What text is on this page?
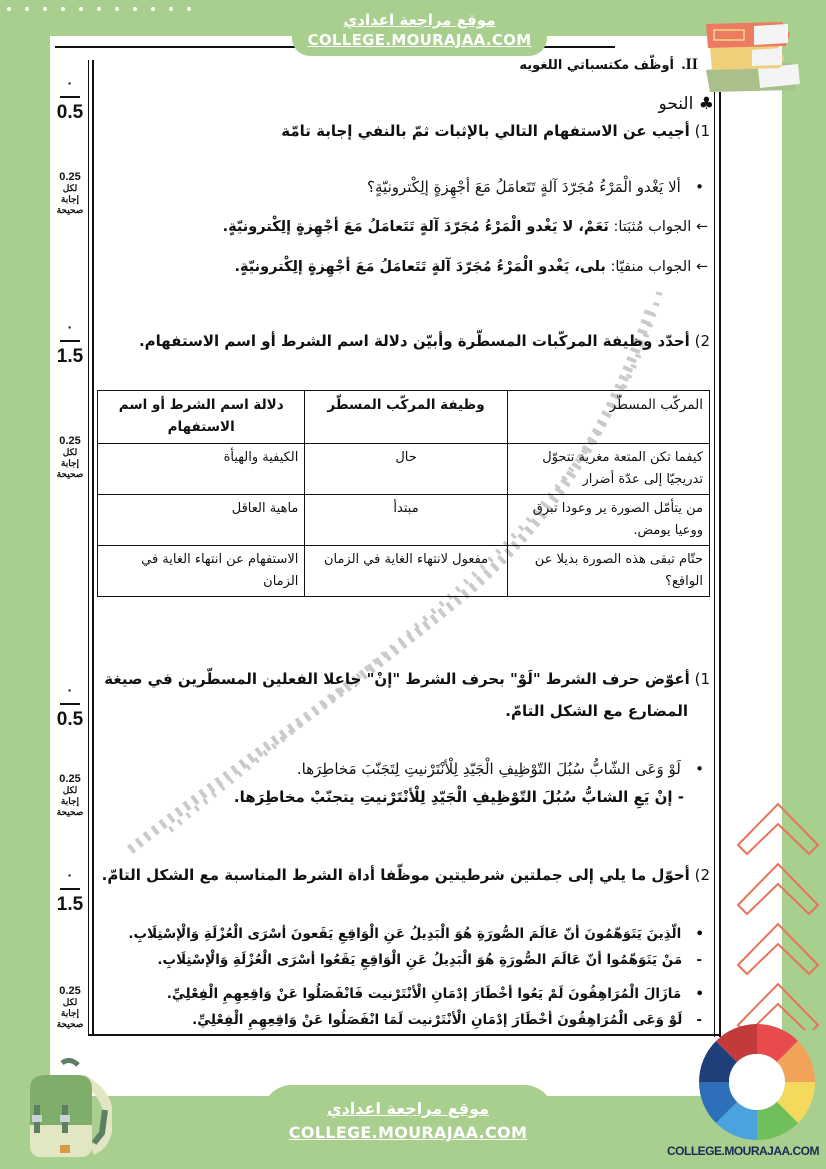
موقع مراجعة اعدادي
COLLEGE.MOURAJAA.COM
II.
أوظّف مكتسباتي اللغويه
♣ النحو
1) أجيب عن الاستفهام التالي بالإثبات ثمّ بالنفي إجابة تامّة
•   ألا يَغْدو الْمَرْءُ مُجَرّدَ آلةٍ تَتَعامَلُ مَعَ أجْهِزةٍ إلِكْترونيّةٍ؟
← الجواب مُثبَتا: نَعَمْ، لا يَغْدو الْمَرْءُ مُجَرّدَ آلةٍ تَتَعامَلُ مَعَ أجْهِزةٍ إلِكْترونيّةٍ.
← الجواب منفيّا: بلى، يَغْدو الْمَرْءُ مُجَرّدَ آلةٍ تَتَعامَلُ مَعَ أجْهِزةٍ إلِكْترونيّةٍ.
2) أحدّد وظيفة المركّبات المسطّرة وأبيّن دلالة اسم الشرط أو اسم الاستفهام.
المركّب المسطّر	وظيفة المركّب المسطّر	دلالة اسم الشرط أو اسم الاستفهام
كيفما تكن المتعة مغرية تتحوّل تدريجيّا إلى عدّة أضرار	حال	الكيفية والهيأة
من يتأمّل الصورة ير وعودا تبرق ووعيا يومض.	مبتدأ	ماهية العاقل
حتّام تبقى هذه الصورة بديلا عن الواقع؟	مفعول لانتهاء الغاية في الزمان	الاستفهام عن انتهاء الغاية في الزمان
1) أعوّض حرف الشرط "لَوْ" بحرف الشرط "إنْ" جاعلا الفعلين المسطّرين في صيغة
المضارع مع الشكل التامّ.
•   لَوْ وَعَى الشّابُّ سُبُلَ التّوْظِيفِ الْجَيّدِ لِلْأنْتَرْنيتِ لِتَجَنّبَ مَخاطِرَها.
- إنْ يَعِ الشابُّ سُبُلَ التّوْظِيفِ الْجَيّدِ لِلْأنْتَرْنيتِ يتجنّبْ مخاطِرَها.
2) أحوّل ما يلي إلى جملتين شرطيتين موظّفا أداة الشرط المناسبة مع الشكل التامّ.
•   الّذِينَ يَتَوَهّمُونَ أنّ عَالَمَ الصُّورَةِ هُوَ الْبَدِيلُ عَنِ الْوَاقِعِ يَقَعونَ أسْرَى الْعُزْلَةِ وَالْإسْتِلَابِ.
-   مَنْ يَتَوَهّمُوا أنّ عَالَمَ الصُّورَةِ هُوَ الْبَدِيلُ عَنِ الْوَاقِعِ يَقَعُوا أسْرَى الْعُزْلَةِ وَالْإسْتِلَابِ.
•   مَازَالَ الْمُرَاهِقُونَ لَمْ يَعُوا أخْطَارَ إدْمَانِ الْأنْتَرْنيت فَانْفَصَلُوا عَنْ وَاقِعِهِمِ الْفِعْلِيِّ.
-   لَوْ وَعَى الْمُرَاهِقُونَ أخْطَارَ إدْمَانِ الْأنْتَرْنيت لَمَا انْفَصَلُوا عَنْ وَاقِعِهِمِ الْفِعْلِيِّ.
·
0.5
0.25
لكل
إجابة
صحيحة
·
1.5
0.25
لكل
إجابة
صحيحة
·
0.5
0.25
لكل
إجابة
صحيحة
·
1.5
0.25
لكل
إجابة
صحيحة
COLLEGE.MOURAJAA.COM
موقع مراجعة اعدادي
COLLEGE.MOURAJAA.COM
